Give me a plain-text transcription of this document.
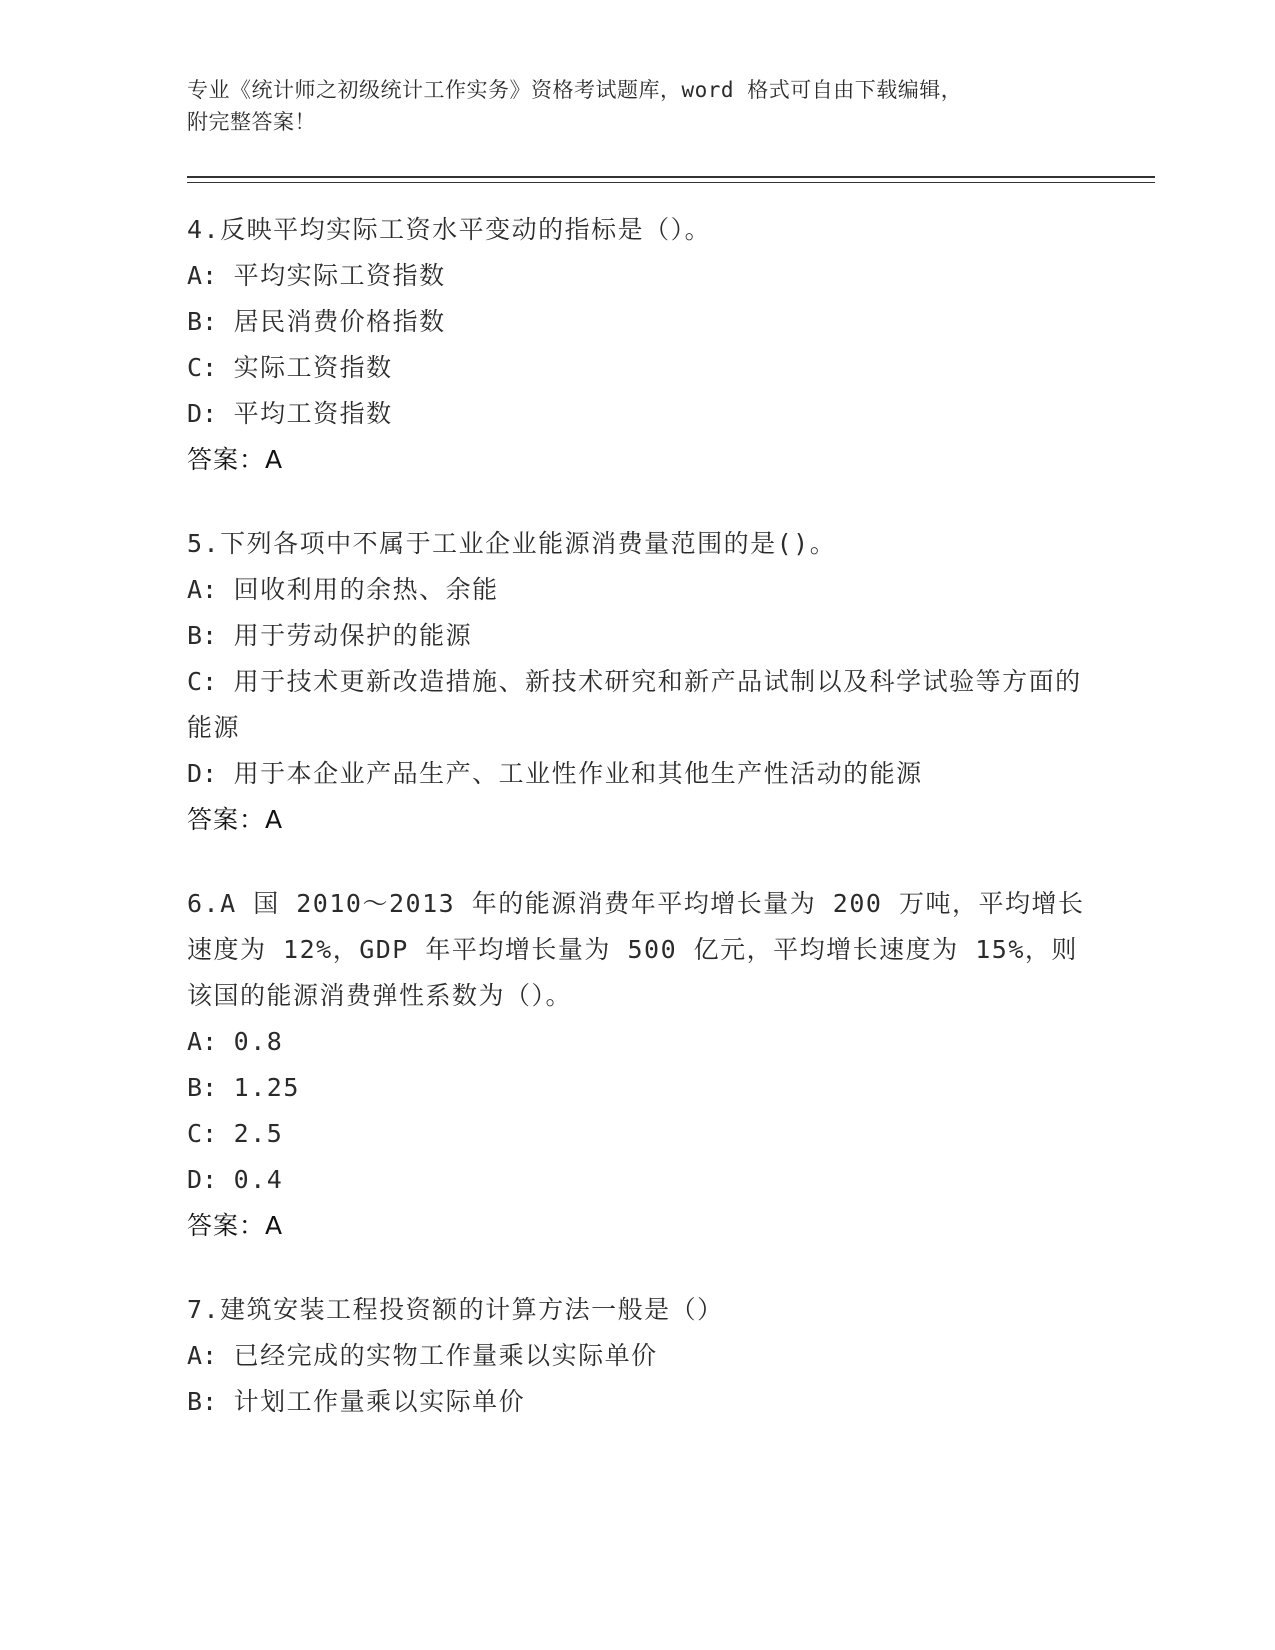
专业《统计师之初级统计工作实务》资格考试题库，word 格式可自由下载编辑，
附完整答案！

4.反映平均实际工资水平变动的指标是（）。

A: 平均实际工资指数

B: 居民消费价格指数

C: 实际工资指数

D: 平均工资指数

答案：A

5.下列各项中不属于工业企业能源消费量范围的是()。

A: 回收利用的余热、余能

B: 用于劳动保护的能源

C: 用于技术更新改造措施、新技术研究和新产品试制以及科学试验等方面的能源

D: 用于本企业产品生产、工业性作业和其他生产性活动的能源

答案：A

6.A 国 2010～2013 年的能源消费年平均增长量为 200 万吨，平均增长速度为 12%，GDP 年平均增长量为 500 亿元，平均增长速度为 15%，则该国的能源消费弹性系数为（）。

A: 0.8

B: 1.25

C: 2.5

D: 0.4

答案：A

7.建筑安装工程投资额的计算方法一般是（）

A: 已经完成的实物工作量乘以实际单价

B: 计划工作量乘以实际单价
